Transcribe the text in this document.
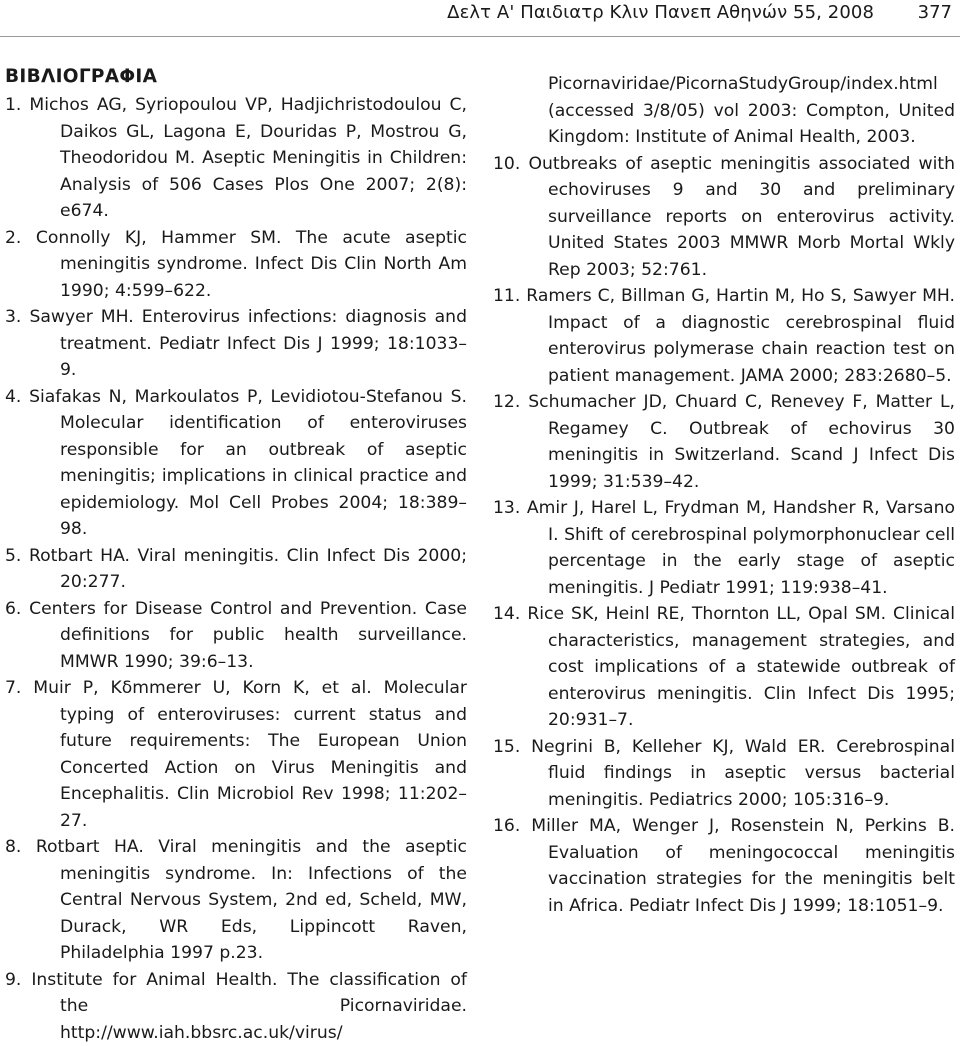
Δελτ Α' Παιδιατρ Κλιν Πανεπ Αθηνών 55, 2008 377
ΒΙΒΛΙΟΓΡΑΦΙΑ
1. Michos AG, Syriopoulou VP, Hadjichristodoulou C, Daikos GL, Lagona E, Douridas P, Mostrou G, Theodoridou M. Aseptic Meningitis in Children: Analysis of 506 Cases Plos One 2007; 2(8): e674.
2. Connolly KJ, Hammer SM. The acute aseptic meningitis syndrome. Infect Dis Clin North Am 1990; 4:599–622.
3. Sawyer MH. Enterovirus infections: diagnosis and treatment. Pediatr Infect Dis J 1999; 18:1033–9.
4. Siafakas N, Markoulatos P, Levidiotou-Stefanou S. Molecular identification of enteroviruses responsible for an outbreak of aseptic meningitis; implications in clinical practice and epidemiology. Mol Cell Probes 2004; 18:389–98.
5. Rotbart HA. Viral meningitis. Clin Infect Dis 2000; 20:277.
6. Centers for Disease Control and Prevention. Case definitions for public health surveillance. MMWR 1990; 39:6–13.
7. Muir P, Kδmmerer U, Korn K, et al. Molecular typing of enteroviruses: current status and future requirements: The European Union Concerted Action on Virus Meningitis and Encephalitis. Clin Microbiol Rev 1998; 11:202–27.
8. Rotbart HA. Viral meningitis and the aseptic meningitis syndrome. In: Infections of the Central Nervous System, 2nd ed, Scheld, MW, Durack, WR Eds, Lippincott Raven, Philadelphia 1997 p.23.
9. Institute for Animal Health. The classification of the Picornaviridae. http://www.iah.bbsrc.ac.uk/virus/
Picornaviridae/PicornaStudyGroup/index.html (accessed 3/8/05) vol 2003: Compton, United Kingdom: Institute of Animal Health, 2003.
10. Outbreaks of aseptic meningitis associated with echoviruses 9 and 30 and preliminary surveillance reports on enterovirus activity. United States 2003 MMWR Morb Mortal Wkly Rep 2003; 52:761.
11. Ramers C, Billman G, Hartin M, Ho S, Sawyer MH. Impact of a diagnostic cerebrospinal fluid enterovirus polymerase chain reaction test on patient management. JAMA 2000; 283:2680–5.
12. Schumacher JD, Chuard C, Renevey F, Matter L, Regamey C. Outbreak of echovirus 30 meningitis in Switzerland. Scand J Infect Dis 1999; 31:539–42.
13. Amir J, Harel L, Frydman M, Handsher R, Varsano I. Shift of cerebrospinal polymorphonuclear cell percentage in the early stage of aseptic meningitis. J Pediatr 1991; 119:938–41.
14. Rice SK, Heinl RE, Thornton LL, Opal SM. Clinical characteristics, management strategies, and cost implications of a statewide outbreak of enterovirus meningitis. Clin Infect Dis 1995; 20:931–7.
15. Negrini B, Kelleher KJ, Wald ER. Cerebrospinal fluid findings in aseptic versus bacterial meningitis. Pediatrics 2000; 105:316–9.
16. Miller MA, Wenger J, Rosenstein N, Perkins B. Evaluation of meningococcal meningitis vaccination strategies for the meningitis belt in Africa. Pediatr Infect Dis J 1999; 18:1051–9.
